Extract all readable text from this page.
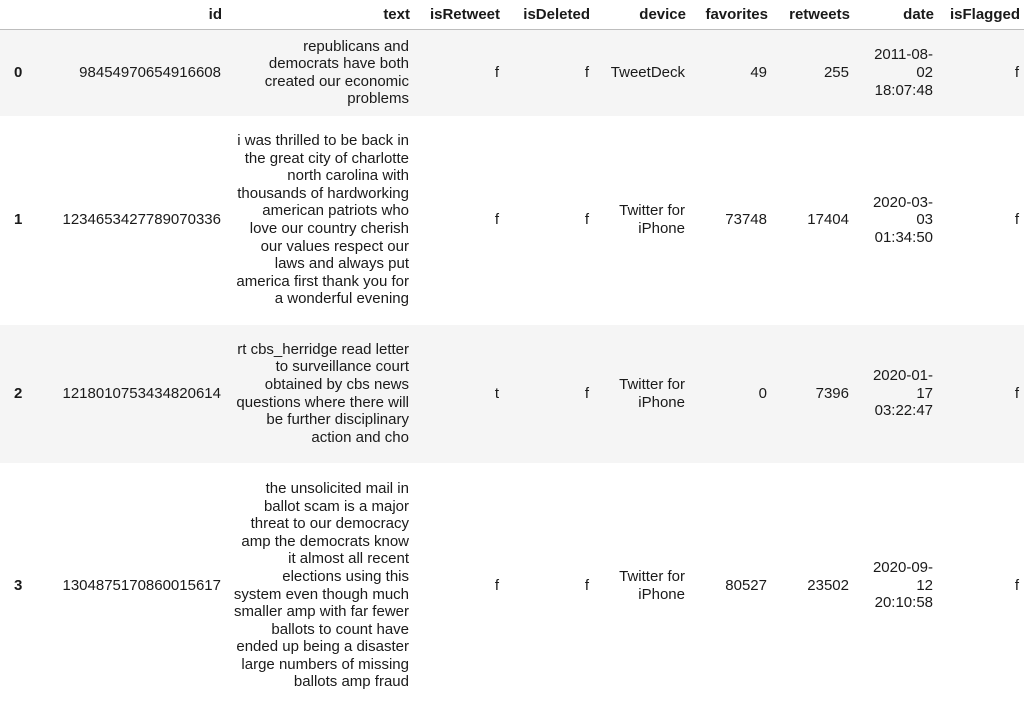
	id	text	isRetweet	isDeleted	device	favorites	retweets	date	isFlagged
0	98454970654916608	republicans and democrats have both created our economic problems	f	f	TweetDeck	49	255	2011-08-02 18:07:48	f
1	1234653427789070336	i was thrilled to be back in the great city of charlotte north carolina with thousands of hardworking american patriots who love our country cherish our values respect our laws and always put america first thank you for a wonderful evening	f	f	Twitter for iPhone	73748	17404	2020-03-03 01:34:50	f
2	1218010753434820614	rt cbs_herridge read letter to surveillance court obtained by cbs news questions where there will be further disciplinary action and cho	t	f	Twitter for iPhone	0	7396	2020-01-17 03:22:47	f
3	1304875170860015617	the unsolicited mail in ballot scam is a major threat to our democracy amp the democrats know it almost all recent elections using this system even though much smaller amp with far fewer ballots to count have ended up being a disaster large numbers of missing ballots amp fraud	f	f	Twitter for iPhone	80527	23502	2020-09-12 20:10:58	f
